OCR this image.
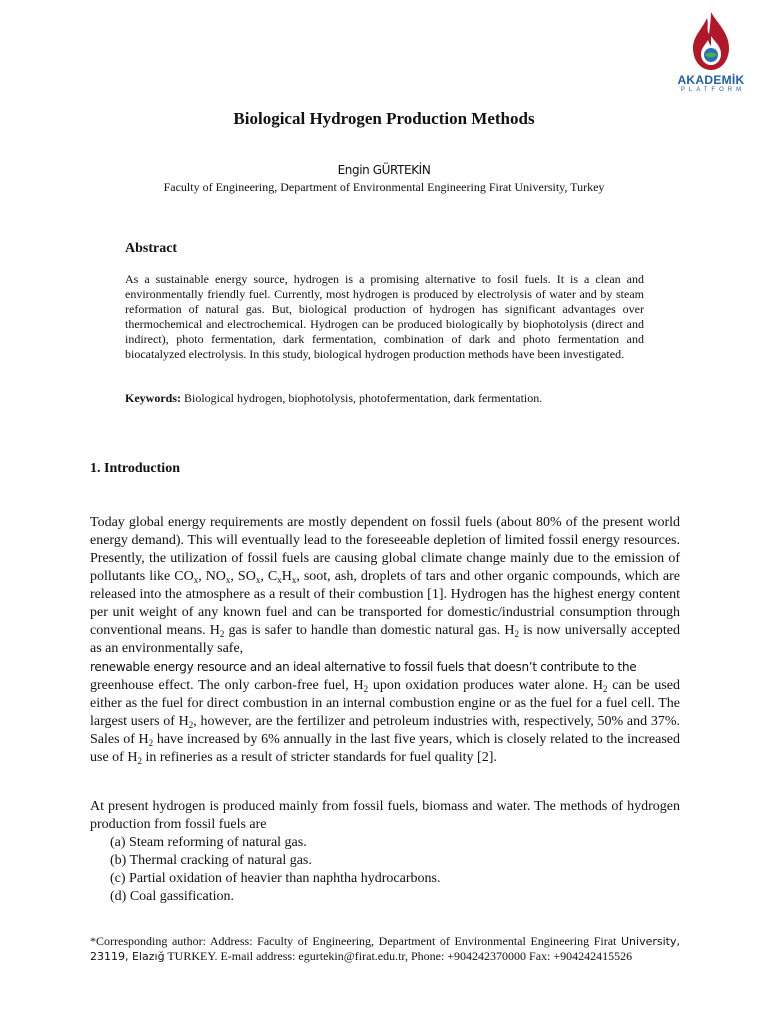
AKADEMİK
PLATFORM
Biological Hydrogen Production Methods
Engin GÜRTEKİN
Faculty of Engineering, Department of Environmental Engineering Firat University, Turkey
Abstract
As a sustainable energy source, hydrogen is a promising alternative to fosil fuels. It is a clean and environmentally friendly fuel. Currently, most hydrogen is produced by electrolysis of water and by steam reformation of natural gas. But, biological production of hydrogen has significant advantages over thermochemical and electrochemical. Hydrogen can be produced biologically by biophotolysis (direct and indirect), photo fermentation, dark fermentation, combination of dark and photo fermentation and biocatalyzed electrolysis. In this study, biological hydrogen production methods have been investigated.
Keywords: Biological hydrogen, biophotolysis, photofermentation, dark fermentation.
1. Introduction

Today global energy requirements are mostly dependent on fossil fuels (about 80% of the present world energy demand). This will eventually lead to the foreseeable depletion of limited fossil energy resources. Presently, the utilization of fossil fuels are causing global climate change mainly due to the emission of pollutants like $CO_x$, $NO_x$, $SO_x$, $C_xH_x$, soot, ash, droplets of tars and other organic compounds, which are released into the atmosphere as a result of their combustion [1]. Hydrogen has the highest energy content per unit weight of any known fuel and can be transported for domestic/industrial consumption through conventional means. $H_2$ gas is safer to handle than domestic natural gas. $H_2$ is now universally accepted as an environmentally safe,
renewable energy resource and an ideal alternative to fossil fuels that doesn’t contribute to the
greenhouse effect. The only carbon-free fuel, $H_2$ upon oxidation produces water alone. $H_2$ can be used either as the fuel for direct combustion in an internal combustion engine or as the fuel for a fuel cell. The largest users of $H_2$, however, are the fertilizer and petroleum industries with, respectively, 50% and 37%. Sales of $H_2$ have increased by 6% annually in the last five years, which is closely related to the increased use of $H_2$ in refineries as a result of stricter standards for fuel quality [2].

At present hydrogen is produced mainly from fossil fuels, biomass and water. The methods of hydrogen production from fossil fuels are

(a) Steam reforming of natural gas.
(b) Thermal cracking of natural gas.
(c) Partial oxidation of heavier than naphtha hydrocarbons.
(d) Coal gassification.
*Corresponding author: Address: Faculty of Engineering, Department of Environmental Engineering Firat University, 23119, Elazığ TURKEY. E-mail address: egurtekin@firat.edu.tr, Phone: +904242370000 Fax: +904242415526
